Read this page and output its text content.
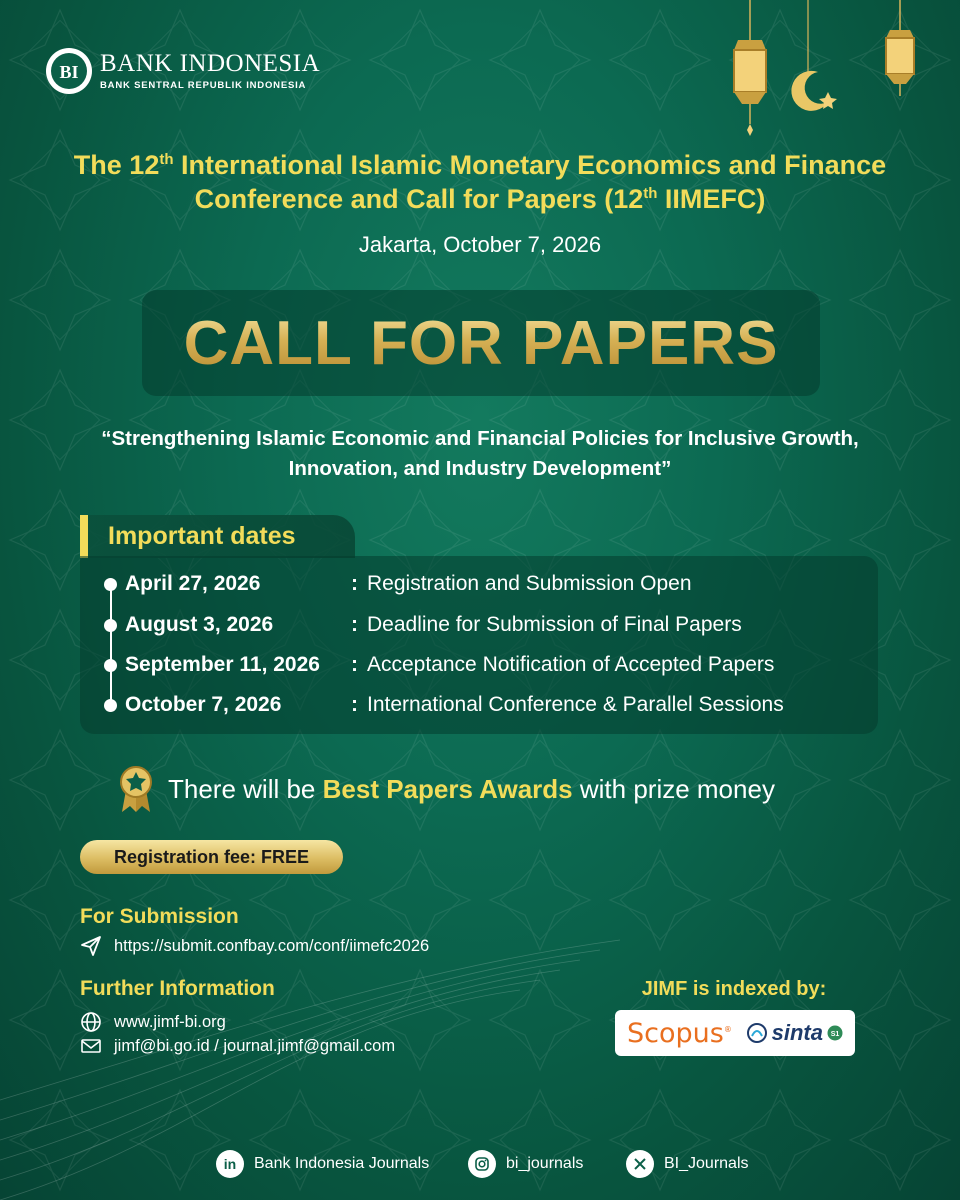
BI BANK INDONESIA
BANK SENTRAL REPUBLIK INDONESIA
The 12th International Islamic Monetary Economics and Finance
Conference and Call for Papers (12th IIMEFC)
Jakarta, October 7, 2026
CALL FOR PAPERS
“Strengthening Islamic Economic and Financial Policies for Inclusive Growth,
Innovation, and Industry Development”
Important dates
April 27, 2026	: Registration and Submission Open
August 3, 2026	: Deadline for Submission of Final Papers
September 11, 2026	: Acceptance Notification of Accepted Papers
October 7, 2026	: International Conference & Parallel Sessions
There will be Best Papers Awards with prize money
Registration fee: FREE
For Submission
https://submit.confbay.com/conf/iimefc2026
Further Information
www.jimf-bi.org
jimf@bi.go.id / journal.jimf@gmail.com
JIMF is indexed by:
Scopus® sinta S1
in	Bank Indonesia Journals	bi_journals	BI_Journals
